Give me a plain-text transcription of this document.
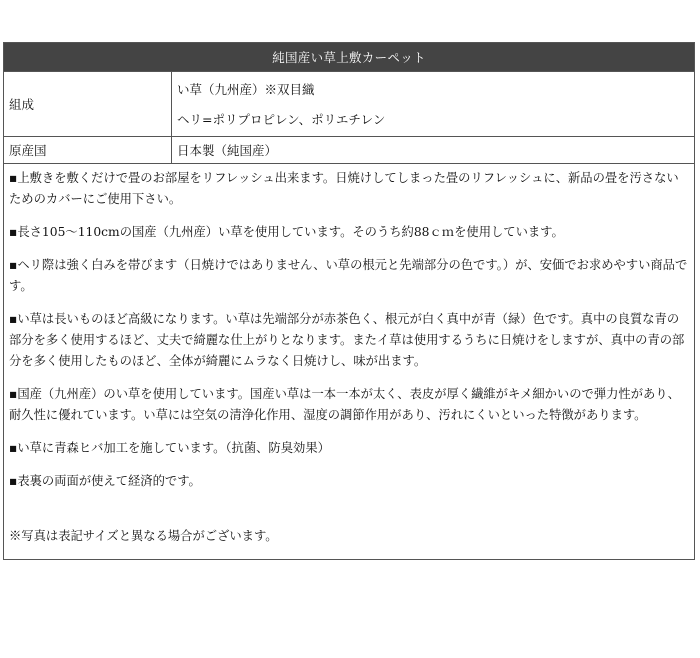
純国産い草上敷カーペット
組成
い草（九州産）※双目織
ヘリ=ポリプロピレン、ポリエチレン
原産国	日本製（純国産）

▪上敷きを敷くだけで畳のお部屋をリフレッシュ出来ます。日焼けしてしまった畳のリフレッシュに、新品の畳を汚さないためのカバーにご使用下さい。

▪長さ105〜110cmの国産（九州産）い草を使用しています。そのうち約88ｃｍを使用しています。

▪ヘリ際は強く白みを帯びます（日焼けではありません、い草の根元と先端部分の色です。）が、安価でお求めやすい商品です。

▪い草は長いものほど高級になります。い草は先端部分が赤茶色く、根元が白く真中が青（緑）色です。真中の良質な青の部分を多く使用するほど、丈夫で綺麗な仕上がりとなります。またイ草は使用するうちに日焼けをしますが、真中の青の部分を多く使用したものほど、全体が綺麗にムラなく日焼けし、味が出ます。

▪国産（九州産）のい草を使用しています。国産い草は一本一本が太く、表皮が厚く繊維がキメ細かいので弾力性があり、耐久性に優れています。い草には空気の清浄化作用、湿度の調節作用があり、汚れにくいといった特徴があります。

▪い草に青森ヒバ加工を施しています。（抗菌、防臭効果）

▪表裏の両面が使えて経済的です。

※写真は表記サイズと異なる場合がございます。
